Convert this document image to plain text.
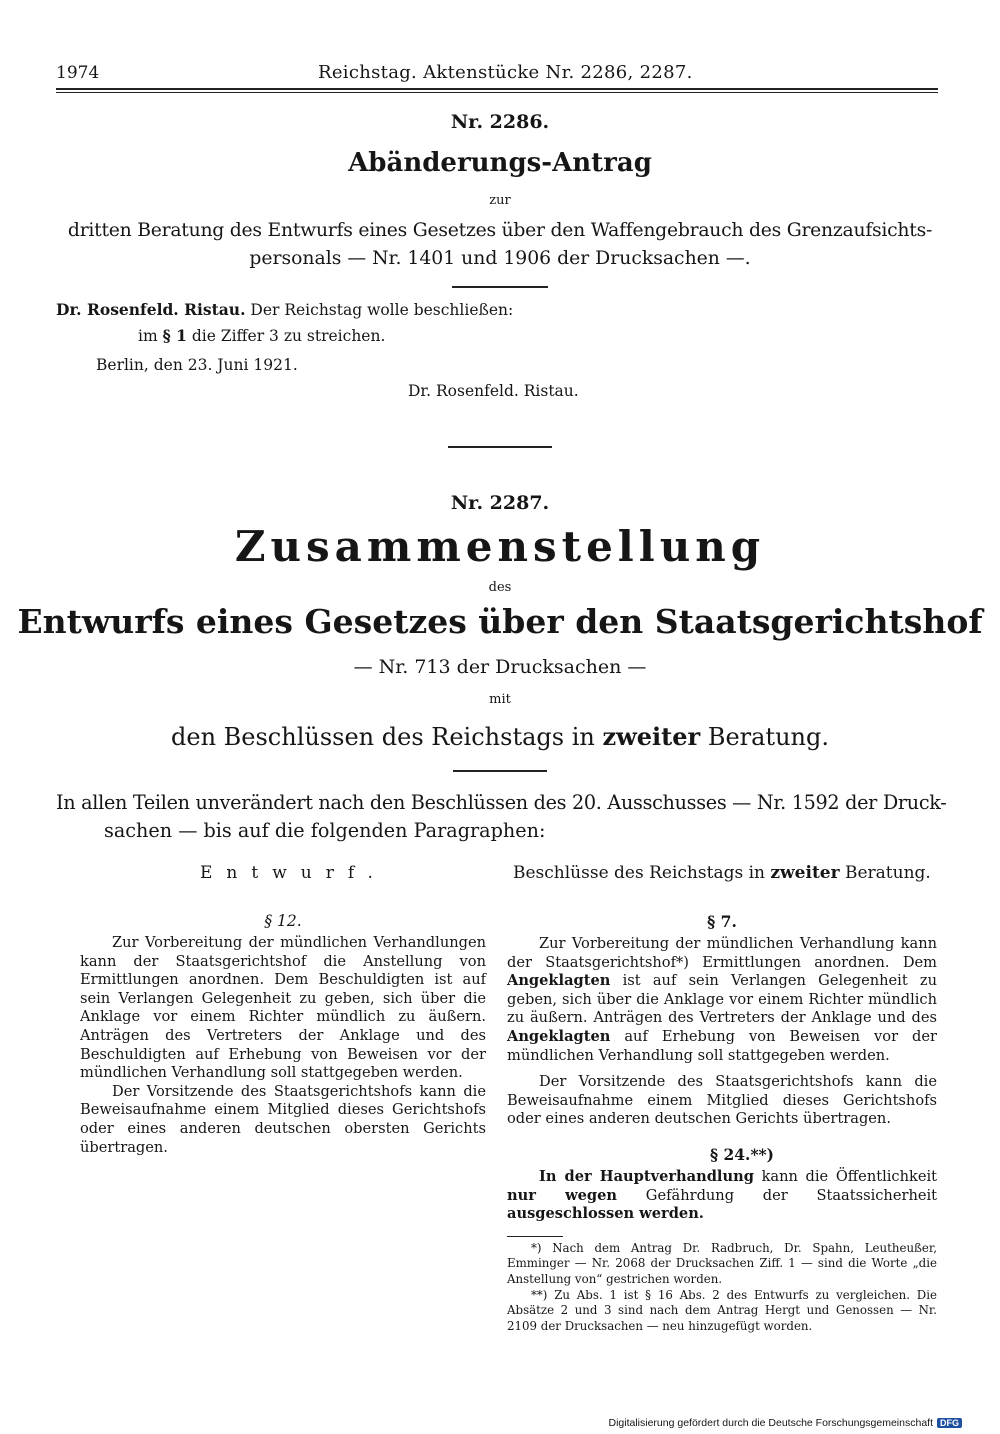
1974	Reichstag. Aktenstücke Nr. 2286, 2287.
Nr. 2286.
Abänderungs-Antrag
zur
dritten Beratung des Entwurfs eines Gesetzes über den Waffengebrauch des Grenzaufsichts-
personals — Nr. 1401 und 1906 der Drucksachen —.
Dr. Rosenfeld. Ristau. Der Reichstag wolle beschließen:
im § 1 die Ziffer 3 zu streichen.
Berlin, den 23. Juni 1921.
Dr. Rosenfeld. Ristau.
Nr. 2287.
Zusammenstellung
des
Entwurfs eines Gesetzes über den Staatsgerichtshof
— Nr. 713 der Drucksachen —
mit
den Beschlüssen des Reichstags in zweiter Beratung.
In allen Teilen unverändert nach den Beschlüssen des 20. Ausschusses — Nr. 1592 der Druck-
sachen — bis auf die folgenden Paragraphen:
Entwurf.	Beschlüsse des Reichstags in zweiter Beratung.
§ 12.

Zur Vorbereitung der mündlichen Verhandlungen kann der Staatsgerichtshof die Anstellung von Ermittlungen anordnen. Dem Beschuldigten ist auf sein Verlangen Gelegenheit zu geben, sich über die Anklage vor einem Richter mündlich zu äußern. Anträgen des Vertreters der Anklage und des Beschuldigten auf Erhebung von Beweisen vor der mündlichen Verhandlung soll stattgegeben werden.

Der Vorsitzende des Staatsgerichtshofs kann die Beweisaufnahme einem Mitglied dieses Gerichtshofs oder eines anderen deutschen obersten Gerichts übertragen.

§ 7.

Zur Vorbereitung der mündlichen Verhandlung kann der Staatsgerichtshof*) Ermittlungen anordnen. Dem Angeklagten ist auf sein Verlangen Gelegenheit zu geben, sich über die Anklage vor einem Richter mündlich zu äußern. Anträgen des Vertreters der Anklage und des Angeklagten auf Erhebung von Beweisen vor der mündlichen Verhandlung soll stattgegeben werden.

Der Vorsitzende des Staatsgerichtshofs kann die Beweisaufnahme einem Mitglied dieses Gerichtshofs oder eines anderen deutschen Gerichts übertragen.

§ 24.**)

In der Hauptverhandlung kann die Öffentlichkeit nur wegen Gefährdung der Staatssicherheit ausgeschlossen werden.

*) Nach dem Antrag Dr. Radbruch, Dr. Spahn, Leutheußer, Emminger — Nr. 2068 der Drucksachen Ziff. 1 — sind die Worte „die Anstellung von“ gestrichen worden.

**) Zu Abs. 1 ist § 16 Abs. 2 des Entwurfs zu vergleichen. Die Absätze 2 und 3 sind nach dem Antrag Hergt und Genossen — Nr. 2109 der Drucksachen — neu hinzugefügt worden.

Digitalisierung gefördert durch die Deutsche Forschungsgemeinschaft DFG
